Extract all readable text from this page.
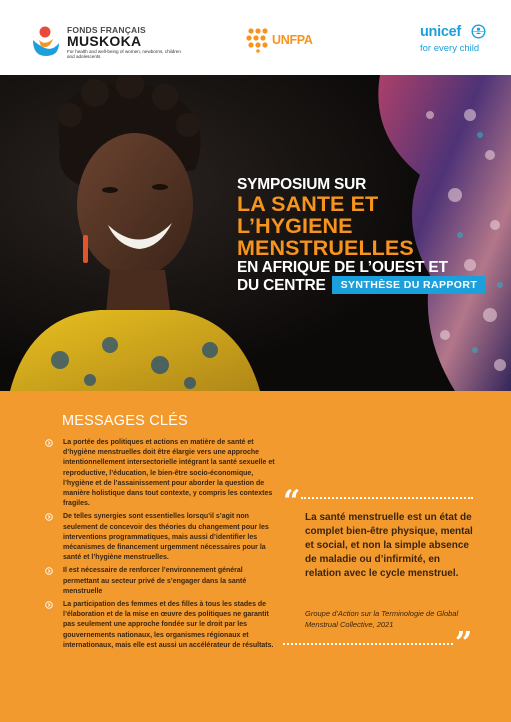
FONDS FRANÇAIS
MUSKOKA
For health and well-being of women, newborns, children and adolescents
UNFPA	unicef
for every child
SYMPOSIUM SUR
LA SANTE ET
L’HYGIENE
MENSTRUELLES
EN AFRIQUE DE L’OUEST ET
DU CENTRE	SYNTHÈSE DU RAPPORT
MESSAGES CLÉS
La portée des politiques et actions en matière de santé et d’hygiène menstruelles doit être élargie vers une approche intentionnellement intersectorielle intégrant la santé sexuelle et reproductive, l’éducation, le bien-être socio-économique, l’hygiène et de l’assainissement pour aborder la question de manière holistique dans tout contexte, y compris les contextes fragiles.
De telles synergies sont essentielles lorsqu’il s’agit non seulement de concevoir des théories du changement pour les interventions programmatiques, mais aussi d’identifier les mécanismes de financement urgemment nécessaires pour la santé et l’hygiène menstruelles.
Il est nécessaire de renforcer l’environnement général permettant au secteur privé de s’engager dans la santé menstruelle
La participation des femmes et des filles à tous les stades de l’élaboration et de la mise en œuvre des politiques ne garantit pas seulement une approche fondée sur le droit par les gouvernements nationaux, les organismes régionaux et internationaux, mais elle est aussi un accélérateur de résultats.
“ La santé menstruelle est un état de complet bien-être physique, mental et social, et non la simple absence de maladie ou d’infirmité, en relation avec le cycle menstruel.
Groupe d’Action sur la Terminologie de Global Menstrual Collective, 2021
”
